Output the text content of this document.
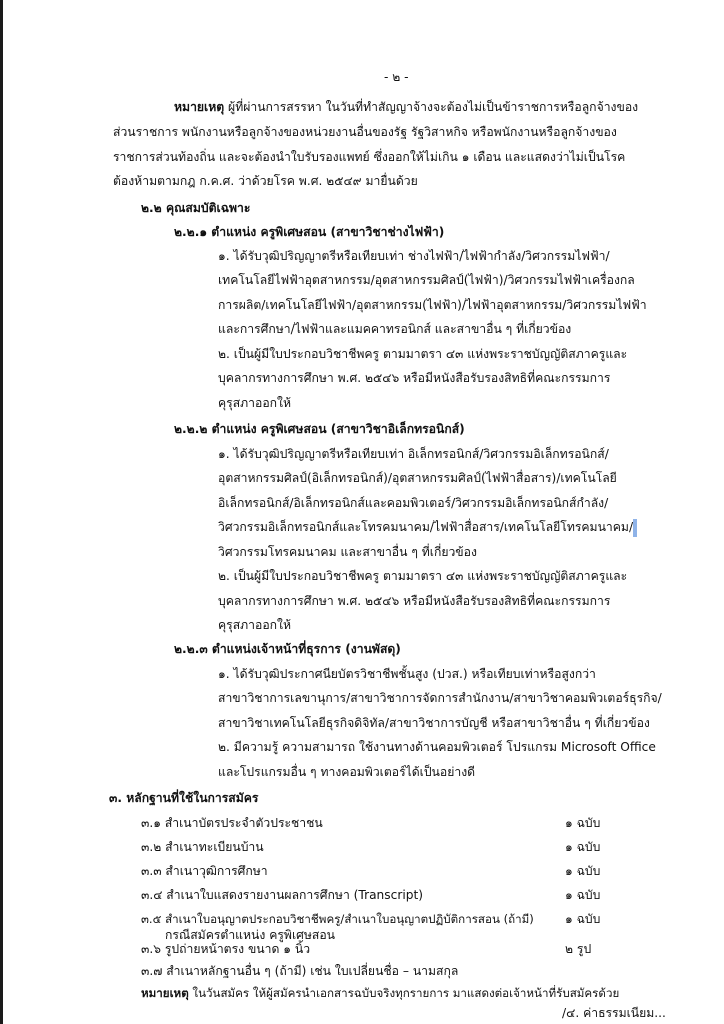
- ๒ -
หมายเหตุ ผู้ที่ผ่านการสรรหา ในวันที่ทำสัญญาจ้างจะต้องไม่เป็นข้าราชการหรือลูกจ้างของ
ส่วนราชการ พนักงานหรือลูกจ้างของหน่วยงานอื่นของรัฐ รัฐวิสาหกิจ หรือพนักงานหรือลูกจ้างของ
ราชการส่วนท้องถิ่น และจะต้องนำใบรับรองแพทย์ ซึ่งออกให้ไม่เกิน ๑ เดือน และแสดงว่าไม่เป็นโรค
ต้องห้ามตามกฎ ก.ค.ศ. ว่าด้วยโรค พ.ศ. ๒๕๔๙ มายื่นด้วย
๒.๒ คุณสมบัติเฉพาะ
๒.๒.๑ ตำแหน่ง ครูพิเศษสอน (สาขาวิชาช่างไฟฟ้า)
๑. ได้รับวุฒิปริญญาตรีหรือเทียบเท่า ช่างไฟฟ้า/ไฟฟ้ากำลัง/วิศวกรรมไฟฟ้า/
เทคโนโลยีไฟฟ้าอุตสาหกรรม/อุตสาหกรรมศิลป์(ไฟฟ้า)/วิศวกรรมไฟฟ้าเครื่องกล
การผลิต/เทคโนโลยีไฟฟ้า/อุตสาหกรรม(ไฟฟ้า)/ไฟฟ้าอุตสาหกรรม/วิศวกรรมไฟฟ้า
และการศึกษา/ไฟฟ้าและแมคคาทรอนิกส์ และสาขาอื่น ๆ ที่เกี่ยวข้อง
๒. เป็นผู้มีใบประกอบวิชาชีพครู ตามมาตรา ๔๓ แห่งพระราชบัญญัติสภาครูและ
บุคลากรทางการศึกษา พ.ศ. ๒๕๔๖ หรือมีหนังสือรับรองสิทธิที่คณะกรรมการ
คุรุสภาออกให้
๒.๒.๒ ตำแหน่ง ครูพิเศษสอน (สาขาวิชาอิเล็กทรอนิกส์)
๑. ได้รับวุฒิปริญญาตรีหรือเทียบเท่า อิเล็กทรอนิกส์/วิศวกรรมอิเล็กทรอนิกส์/
อุตสาหกรรมศิลป์(อิเล็กทรอนิกส์)/อุตสาหกรรมศิลป์(ไฟฟ้าสื่อสาร)/เทคโนโลยี
อิเล็กทรอนิกส์/อิเล็กทรอนิกส์และคอมพิวเตอร์/วิศวกรรมอิเล็กทรอนิกส์กำลัง/
วิศวกรรมอิเล็กทรอนิกส์และโทรคมนาคม/ไฟฟ้าสื่อสาร/เทคโนโลยีโทรคมนาคม/
วิศวกรรมโทรคมนาคม และสาขาอื่น ๆ ที่เกี่ยวข้อง
๒. เป็นผู้มีใบประกอบวิชาชีพครู ตามมาตรา ๔๓ แห่งพระราชบัญญัติสภาครูและ
บุคลากรทางการศึกษา พ.ศ. ๒๕๔๖ หรือมีหนังสือรับรองสิทธิที่คณะกรรมการ
คุรุสภาออกให้
๒.๒.๓ ตำแหน่งเจ้าหน้าที่ธุรการ (งานพัสดุ)
๑. ได้รับวุฒิประกาศนียบัตรวิชาชีพชั้นสูง (ปวส.) หรือเทียบเท่าหรือสูงกว่า
สาขาวิชาการเลขานุการ/สาขาวิชาการจัดการสำนักงาน/สาขาวิชาคอมพิวเตอร์ธุรกิจ/
สาขาวิชาเทคโนโลยีธุรกิจดิจิทัล/สาขาวิชาการบัญชี หรือสาขาวิชาอื่น ๆ ที่เกี่ยวข้อง
๒. มีความรู้ ความสามารถ ใช้งานทางด้านคอมพิวเตอร์ โปรแกรม Microsoft Office
และโปรแกรมอื่น ๆ ทางคอมพิวเตอร์ได้เป็นอย่างดี
๓. หลักฐานที่ใช้ในการสมัคร
๓.๑ สำเนาบัตรประจำตัวประชาชน	๑ ฉบับ
๓.๒ สำเนาทะเบียนบ้าน	๑ ฉบับ
๓.๓ สำเนาวุฒิการศึกษา	๑ ฉบับ
๓.๔ สำเนาใบแสดงรายงานผลการศึกษา (Transcript)	๑ ฉบับ
๓.๕ สำเนาใบอนุญาตประกอบวิชาชีพครู/สำเนาใบอนุญาตปฏิบัติการสอน (ถ้ามี)	๑ ฉบับ
กรณีสมัครตำแหน่ง ครูพิเศษสอน
๓.๖ รูปถ่ายหน้าตรง ขนาด ๑ นิ้ว	๒ รูป
๓.๗ สำเนาหลักฐานอื่น ๆ (ถ้ามี) เช่น ใบเปลี่ยนชื่อ – นามสกุล
หมายเหตุ ในวันสมัคร ให้ผู้สมัครนำเอกสารฉบับจริงทุกรายการ มาแสดงต่อเจ้าหน้าที่รับสมัครด้วย
/๔. ค่าธรรมเนียม...
